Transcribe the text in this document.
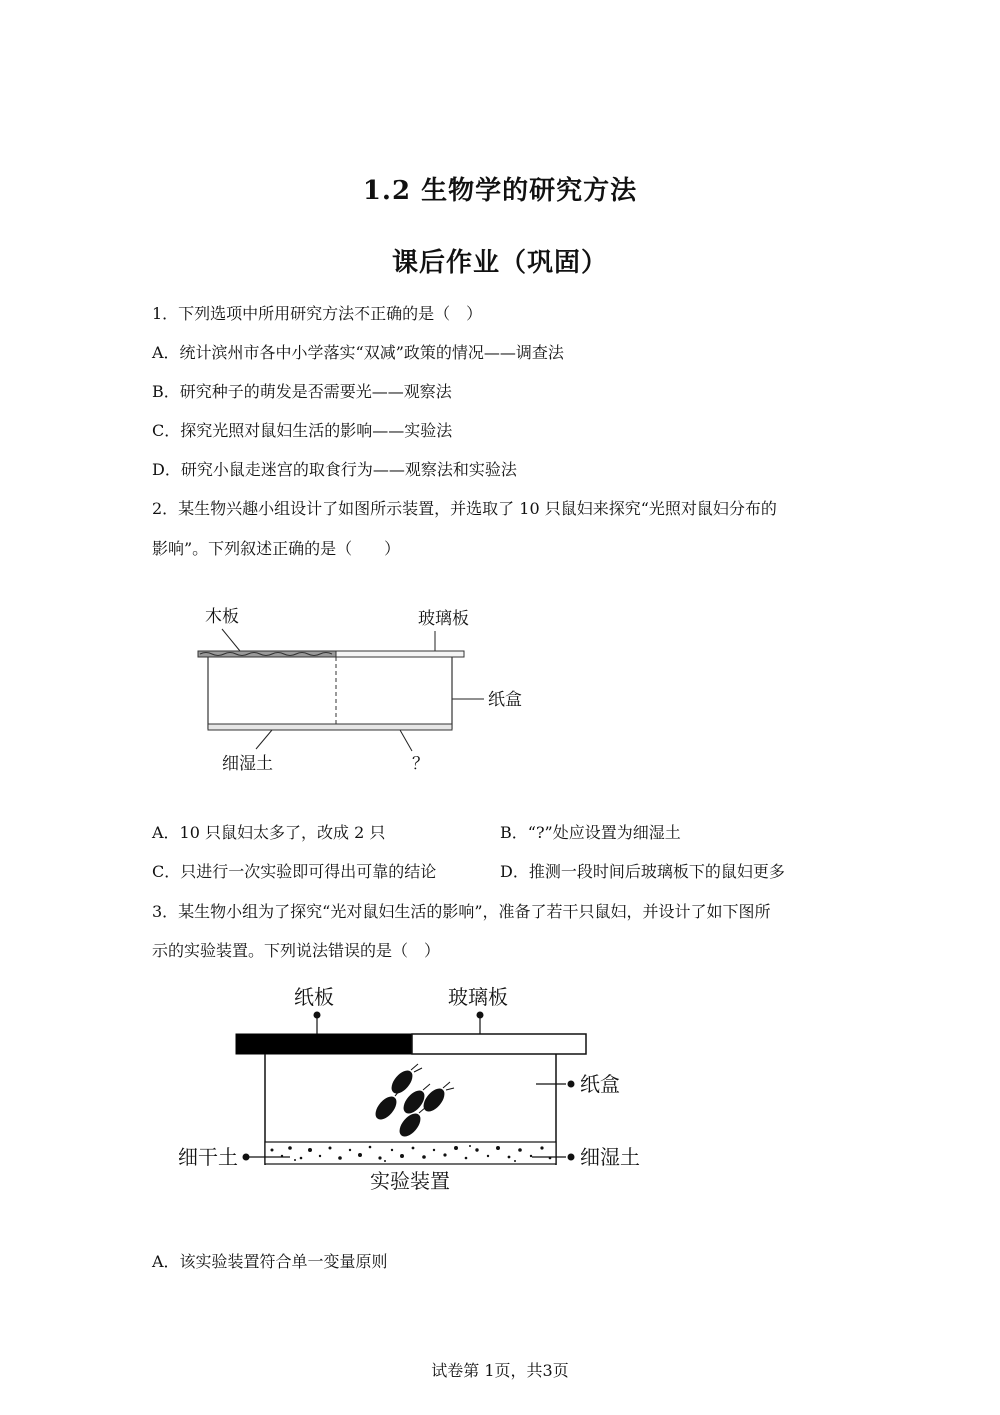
1.2 生物学的研究方法
课后作业（巩固）
1．下列选项中所用研究方法不正确的是（　）
A．统计滨州市各中小学落实“双减”政策的情况——调查法
B．研究种子的萌发是否需要光——观察法
C．探究光照对鼠妇生活的影响——实验法
D．研究小鼠走迷宫的取食行为——观察法和实验法
2．某生物兴趣小组设计了如图所示装置，并选取了 10 只鼠妇来探究“光照对鼠妇分布的
影响”。下列叙述正确的是（　　）
木板	玻璃板
纸盒
细湿土	？
A．10 只鼠妇太多了，改成 2 只	B．“?”处应设置为细湿土
C．只进行一次实验即可得出可靠的结论	D．推测一段时间后玻璃板下的鼠妇更多
3．某生物小组为了探究“光对鼠妇生活的影响”，准备了若干只鼠妇，并设计了如下图所
示的实验装置。下列说法错误的是（　）
纸板	玻璃板
纸盒
细干土	细湿土
实验装置
A．该实验装置符合单一变量原则
试卷第 1页，共3页
